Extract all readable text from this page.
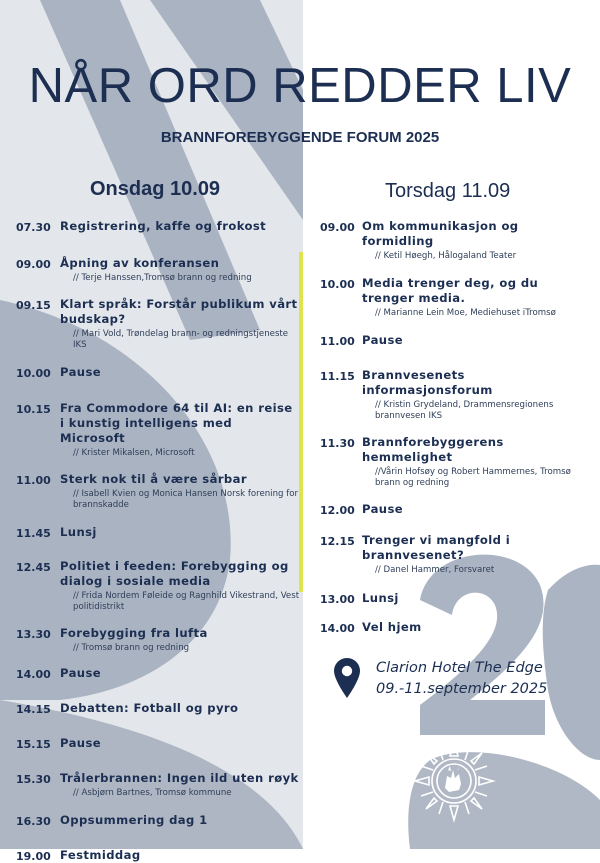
NÅR ORD REDDER LIV
BRANNFOREBYGGENDE FORUM 2025
Onsdag 10.09	Torsdag 11.09
07.30 Registrering, kaffe og frokost
09.00 Åpning av konferansen
// Terje Hanssen,Tromsø brann og redning
09.15 Klart språk: Forstår publikum vårt budskap?
// Mari Vold, Trøndelag brann- og redningstjeneste IKS
10.00 Pause
10.15 Fra Commodore 64 til AI: en reise i kunstig intelligens med Microsoft
// Krister Mikalsen, Microsoft
11.00 Sterk nok til å være sårbar
// Isabell Kvien og Monica Hansen Norsk forening for brannskadde
11.45 Lunsj
12.45 Politiet i feeden: Forebygging og dialog i sosiale media
// Frida Nordem Føleide og Ragnhild Vikestrand, Vest politidistrikt
13.30 Forebygging fra lufta
// Tromsø brann og redning
14.00 Pause
14.15 Debatten: Fotball og pyro
15.15 Pause
15.30 Trålerbrannen: Ingen ild uten røyk
// Asbjørn Bartnes, Tromsø kommune
16.30 Oppsummering dag 1
19.00 Festmiddag
09.00 Om kommunikasjon og formidling
// Ketil Høegh, Hålogaland Teater
10.00 Media trenger deg, og du trenger media.
// Marianne Lein Moe, Mediehuset iTromsø
11.00 Pause
11.15 Brannvesenets informasjonsforum
// Kristin Grydeland, Drammensregionens brannvesen IKS
11.30 Brannforebyggerens hemmelighet
//Vårin Hofsøy og Robert Hammernes, Tromsø brann og redning
12.00 Pause
12.15 Trenger vi mangfold i brannvesenet?
// Danel Hammer, Forsvaret
13.00 Lunsj
14.00 Vel hjem
Clarion Hotel The Edge
09.-11.september 2025
